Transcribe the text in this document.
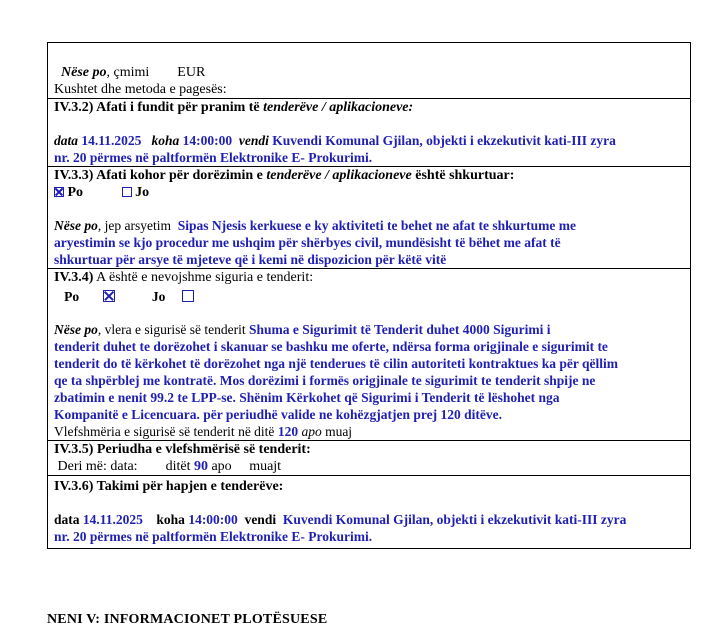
Nëse po, çmimi EUR
Kushtet dhe metoda e pagesës:
IV.3.2) Afati i fundit për pranim të tenderëve / aplikacioneve:
data 14.11.2025 koha 14:00:00 vendi Kuvendi Komunal Gjilan, objekti i ekzekutivit kati-III zyra
nr. 20 përmes në paltformën Elektronike E- Prokurimi.
IV.3.3) Afati kohor për dorëzimin e tenderëve / aplikacioneve është shkurtuar:
Po	Jo
Nëse po, jep arsyetim Sipas Njesis kerkuese e ky aktiviteti te behet ne afat te shkurtume me
aryestimin se kjo procedur me ushqim për shërbyes civil, mundësisht të bëhet me afat të
shkurtuar për arsye të mjeteve që i kemi në dispozicion për këtë vitë
IV.3.4) A është e nevojshme siguria e tenderit:
Po	Jo
Nëse po, vlera e sigurisë së tenderit Shuma e Sigurimit të Tenderit duhet 4000 Sigurimi i
tenderit duhet te dorëzohet i skanuar se bashku me oferte, ndërsa forma origjinale e sigurimit te
tenderit do të kërkohet të dorëzohet nga një tenderues të cilin autoriteti kontraktues ka për qëllim
qe ta shpërblej me kontratë. Mos dorëzimi i formës origjinale te sigurimit te tenderit shpije ne
zbatimin e nenit 99.2 te LPP-se. Shënim Kërkohet që Sigurimi i Tenderit të lëshohet nga
Kompanitë e Licencuara. për periudhë valide ne kohëzgjatjen prej 120 ditëve.
Vlefshmëria e sigurisë së tenderit në ditë 120 apo muaj
IV.3.5) Periudha e vlefshmërisë së tenderit:
Deri më: data: ditët 90 apo muajt
IV.3.6) Takimi për hapjen e tenderëve:
data 14.11.2025 koha 14:00:00 vendi Kuvendi Komunal Gjilan, objekti i ekzekutivit kati-III zyra
nr. 20 përmes në paltformën Elektronike E- Prokurimi.
NENI V: INFORMACIONET PLOTËSUESE
